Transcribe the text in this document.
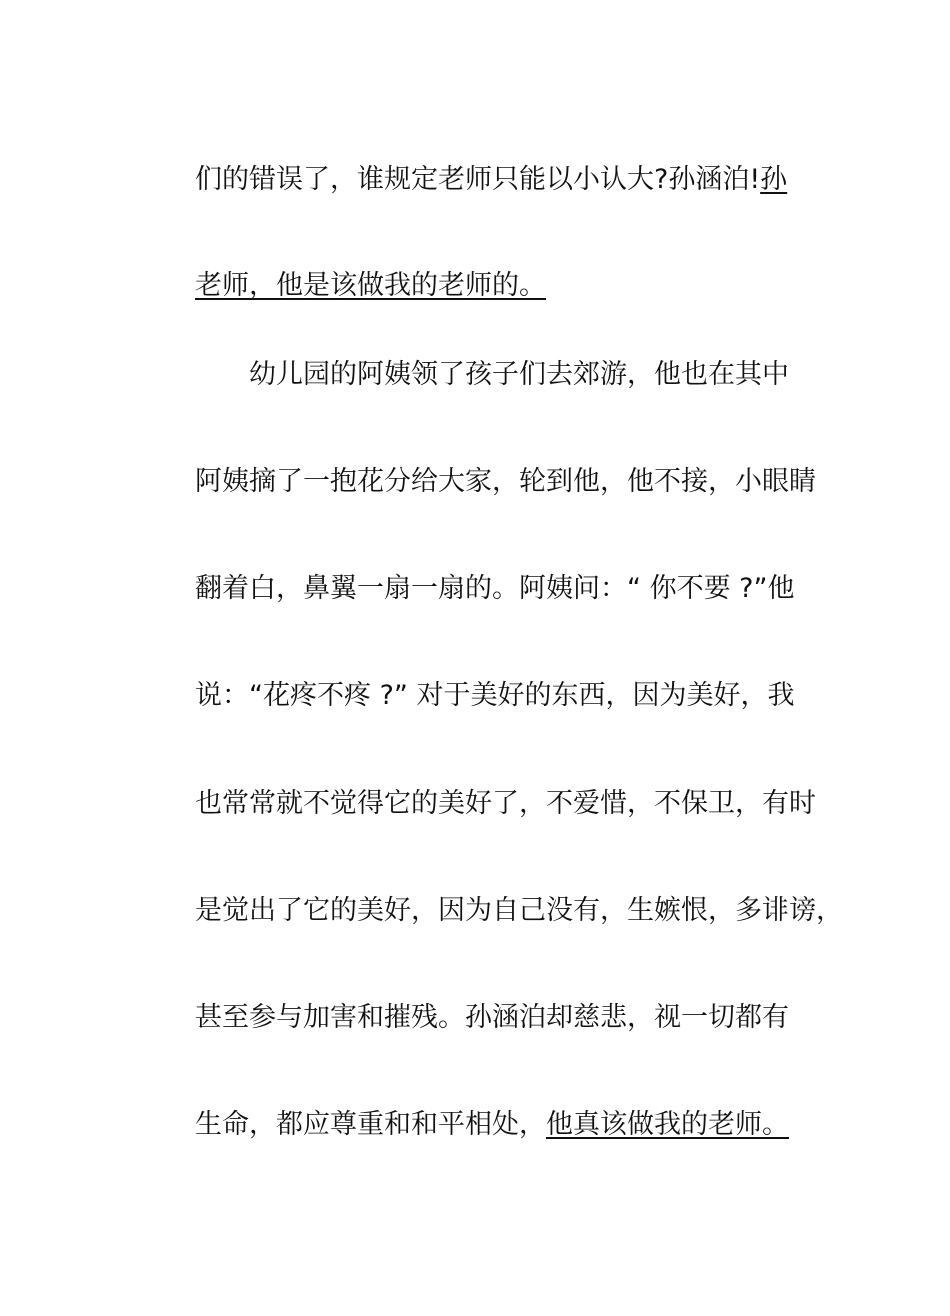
们的错误了，谁规定老师只能以小认大?孙涵泊!孙
老师，他是该做我的老师的。
幼儿园的阿姨领了孩子们去郊游，他也在其中
阿姨摘了一抱花分给大家，轮到他，他不接，小眼睛
翻着白，鼻翼一扇一扇的。阿姨问：“ 你不要 ?”他
说：“花疼不疼 ?” 对于美好的东西，因为美好，我
也常常就不觉得它的美好了，不爱惜，不保卫，有时
是觉出了它的美好，因为自己没有，生嫉恨，多诽谤，
甚至参与加害和摧残。孙涵泊却慈悲，视一切都有
生命，都应尊重和和平相处，他真该做我的老师。
